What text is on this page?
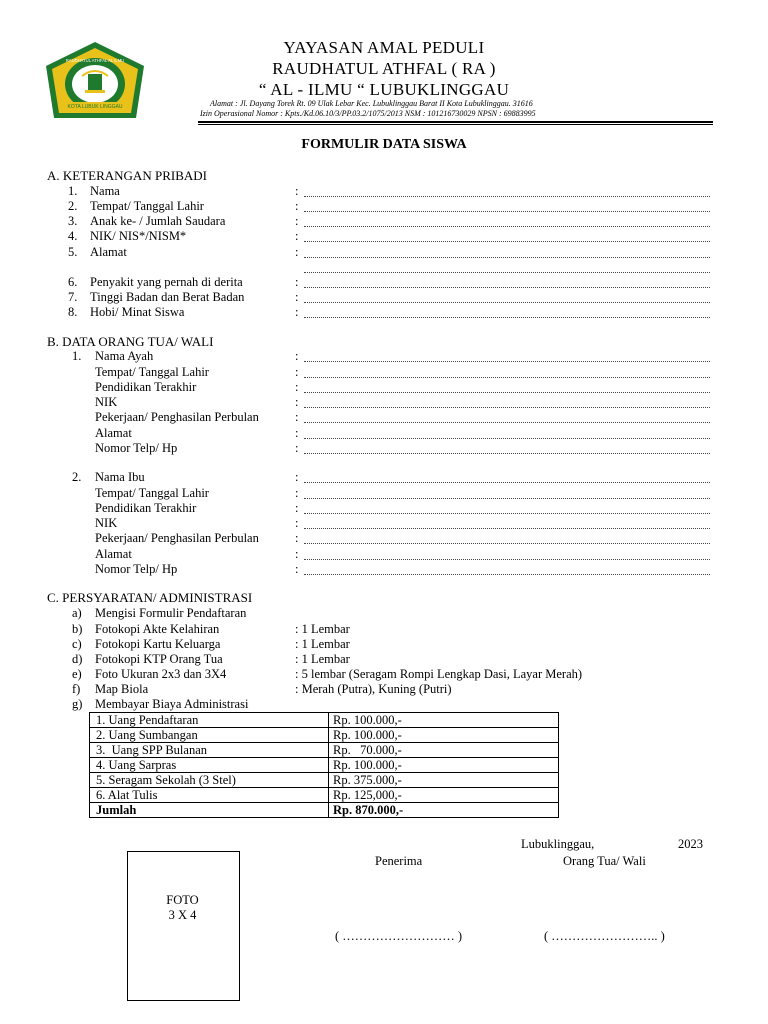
KOTA LUBUK LINGGAU
RAUDHATUL ATHFAL AL ILMU
YAYASAN AMAL PEDULI
RAUDHATUL ATHFAL ( RA )
“ AL - ILMU “ LUBUKLINGGAU
Alamat : Jl. Dayang Torek Rt. 09 Ulak Lebar Kec. Lubuklinggau Barat II Kota Lubuklinggau. 31616
Izin Operasional Nomor : Kpts./Kd.06.10/3/PP.03.2/1075/2013 NSM : 101216730029 NPSN : 69883995
FORMULIR DATA SISWA
A. KETERANGAN PRIBADI
1. Nama	:
2. Tempat/ Tanggal Lahir	:
3. Anak ke- / Jumlah Saudara	:
4. NIK/ NIS*/NISM*	:
5. Alamat	:
6. Penyakit yang pernah di derita	:
7. Tinggi Badan dan Berat Badan	:
8. Hobi/ Minat Siswa	:
B. DATA ORANG TUA/ WALI
1. Nama Ayah	:
Tempat/ Tanggal Lahir	:
Pendidikan Terakhir	:
NIK	:
Pekerjaan/ Penghasilan Perbulan	:
Alamat	:
Nomor Telp/ Hp	:
2. Nama Ibu	:
Tempat/ Tanggal Lahir	:
Pendidikan Terakhir	:
NIK	:
Pekerjaan/ Penghasilan Perbulan	:
Alamat	:
Nomor Telp/ Hp	:
C. PERSYARATAN/ ADMINISTRASI
a) Mengisi Formulir Pendaftaran
b) Fotokopi Akte Kelahiran	: 1 Lembar
c) Fotokopi Kartu Keluarga	: 1 Lembar
d) Fotokopi KTP Orang Tua	: 1 Lembar
e) Foto Ukuran 2x3 dan 3X4	: 5 lembar (Seragam Rompi Lengkap Dasi, Layar Merah)
f) Map Biola	: Merah (Putra), Kuning (Putri)
g) Membayar Biaya Administrasi
1. Uang Pendaftaran	Rp. 100.000,-
2. Uang Sumbangan	Rp. 100.000,-
3.  Uang SPP Bulanan	Rp.   70.000,-
4. Uang Sarpras	Rp. 100.000,-
5. Seragam Sekolah (3 Stel)	Rp. 375.000,-
6. Alat Tulis	Rp. 125,000,-
Jumlah	Rp. 870.000,-
Lubuklinggau,	2023
Penerima	Orang Tua/ Wali
( ……………………… )	( …………………….. )
FOTO
3 X 4
